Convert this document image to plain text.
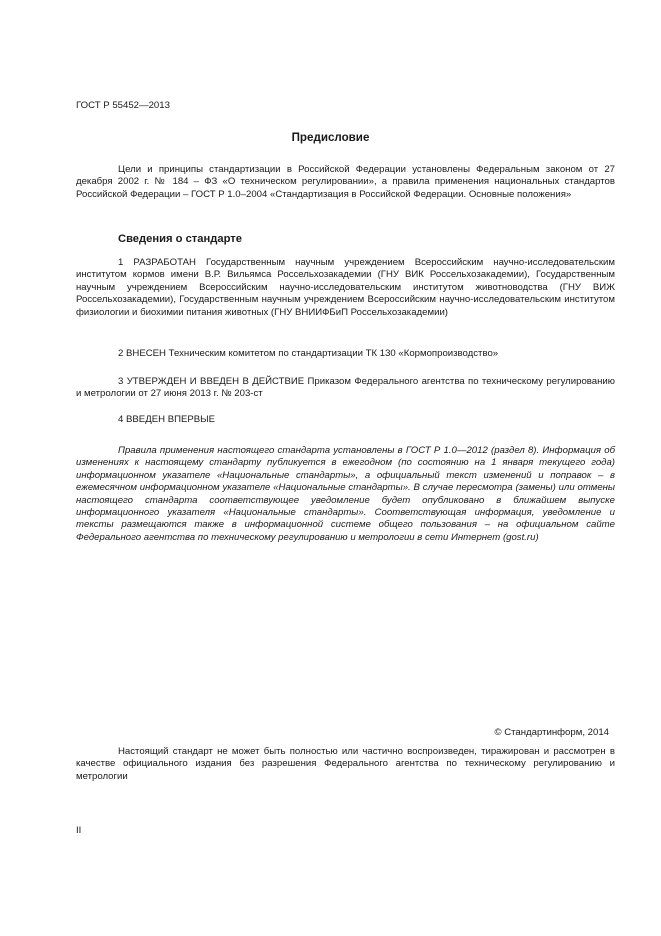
ГОСТ Р 55452—2013
Предисловие
Цели и принципы стандартизации в Российской Федерации установлены Федеральным законом от 27 декабря 2002 г. № 184 – ФЗ «О техническом регулировании», а правила применения национальных стандартов Российской Федерации – ГОСТ Р 1.0–2004 «Стандартизация в Российской Федерации. Основные положения»
Сведения о стандарте
1 РАЗРАБОТАН Государственным научным учреждением Всероссийским научно-исследовательским институтом кормов имени В.Р. Вильямса Россельхозакадемии (ГНУ ВИК Россельхозакадемии), Государственным научным учреждением Всероссийским научно-исследовательским институтом животноводства (ГНУ ВИЖ Россельхозакадемии), Государственным научным учреждением Всероссийским научно-исследовательским институтом физиологии и биохимии питания животных (ГНУ ВНИИФБиП Россельхозакадемии)
2 ВНЕСЕН Техническим комитетом по стандартизации ТК 130 «Кормопроизводство»
3 УТВЕРЖДЕН И ВВЕДЕН В ДЕЙСТВИЕ Приказом Федерального агентства по техническому регулированию и метрологии от 27 июня 2013 г. № 203-ст
4 ВВЕДЕН ВПЕРВЫЕ
Правила применения настоящего стандарта установлены в ГОСТ Р 1.0—2012 (раздел 8). Информация об изменениях к настоящему стандарту публикуется в ежегодном (по состоянию на 1 января текущего года) информационном указателе «Национальные стандарты», а официальный текст изменений и поправок – в ежемесячном информационном указателе «Национальные стандарты». В случае пересмотра (замены) или отмены настоящего стандарта соответствующее уведомление будет опубликовано в ближайшем выпуске информационного указателя «Национальные стандарты». Соответствующая информация, уведомление и тексты размещаются также в информационной системе общего пользования – на официальном сайте Федерального агентства по техническому регулированию и метрологии в сети Интернет (gost.ru)
© Стандартинформ, 2014
Настоящий стандарт не может быть полностью или частично воспроизведен, тиражирован и рассмотрен в качестве официального издания без разрешения Федерального агентства по техническому регулированию и метрологии
II
